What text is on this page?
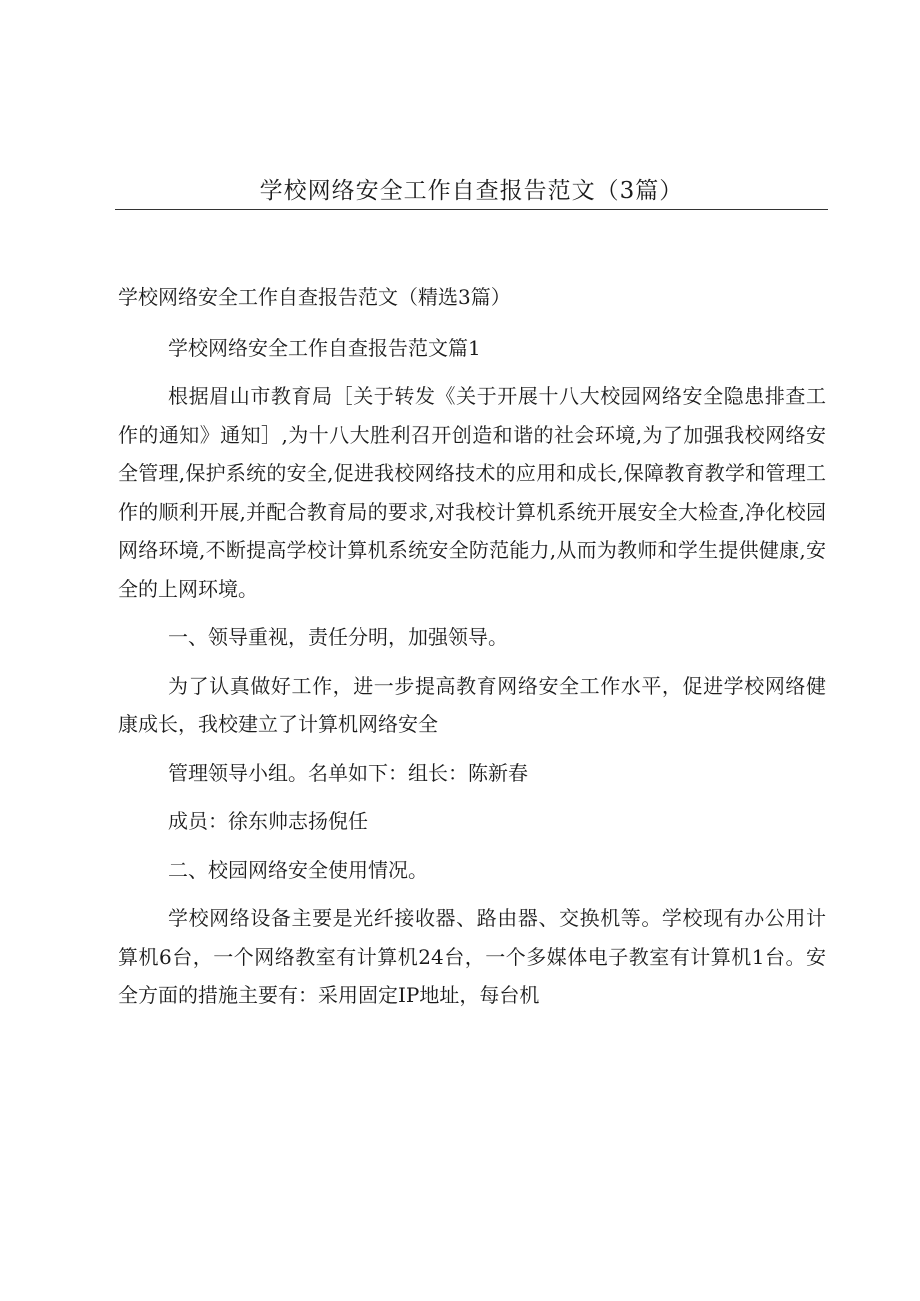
学校网络安全工作自查报告范文（3篇）

学校网络安全工作自查报告范文（精选3篇）

学校网络安全工作自查报告范文篇1

根据眉山市教育局［关于转发《关于开展十八大校园网络安全隐患排查工作的通知》通知］,为十八大胜利召开创造和谐的社会环境,为了加强我校网络安全管理,保护系统的安全,促进我校网络技术的应用和成长,保障教育教学和管理工作的顺利开展,并配合教育局的要求,对我校计算机系统开展安全大检查,净化校园网络环境,不断提高学校计算机系统安全防范能力,从而为教师和学生提供健康,安全的上网环境。

一、领导重视，责任分明，加强领导。

为了认真做好工作，进一步提高教育网络安全工作水平，促进学校网络健康成长，我校建立了计算机网络安全

管理领导小组。名单如下：组长：陈新春

成员：徐东帅志扬倪任

二、校园网络安全使用情况。

学校网络设备主要是光纤接收器、路由器、交换机等。学校现有办公用计算机6台，一个网络教室有计算机24台，一个多媒体电子教室有计算机1台。安全方面的措施主要有：采用固定IP地址，每台机
